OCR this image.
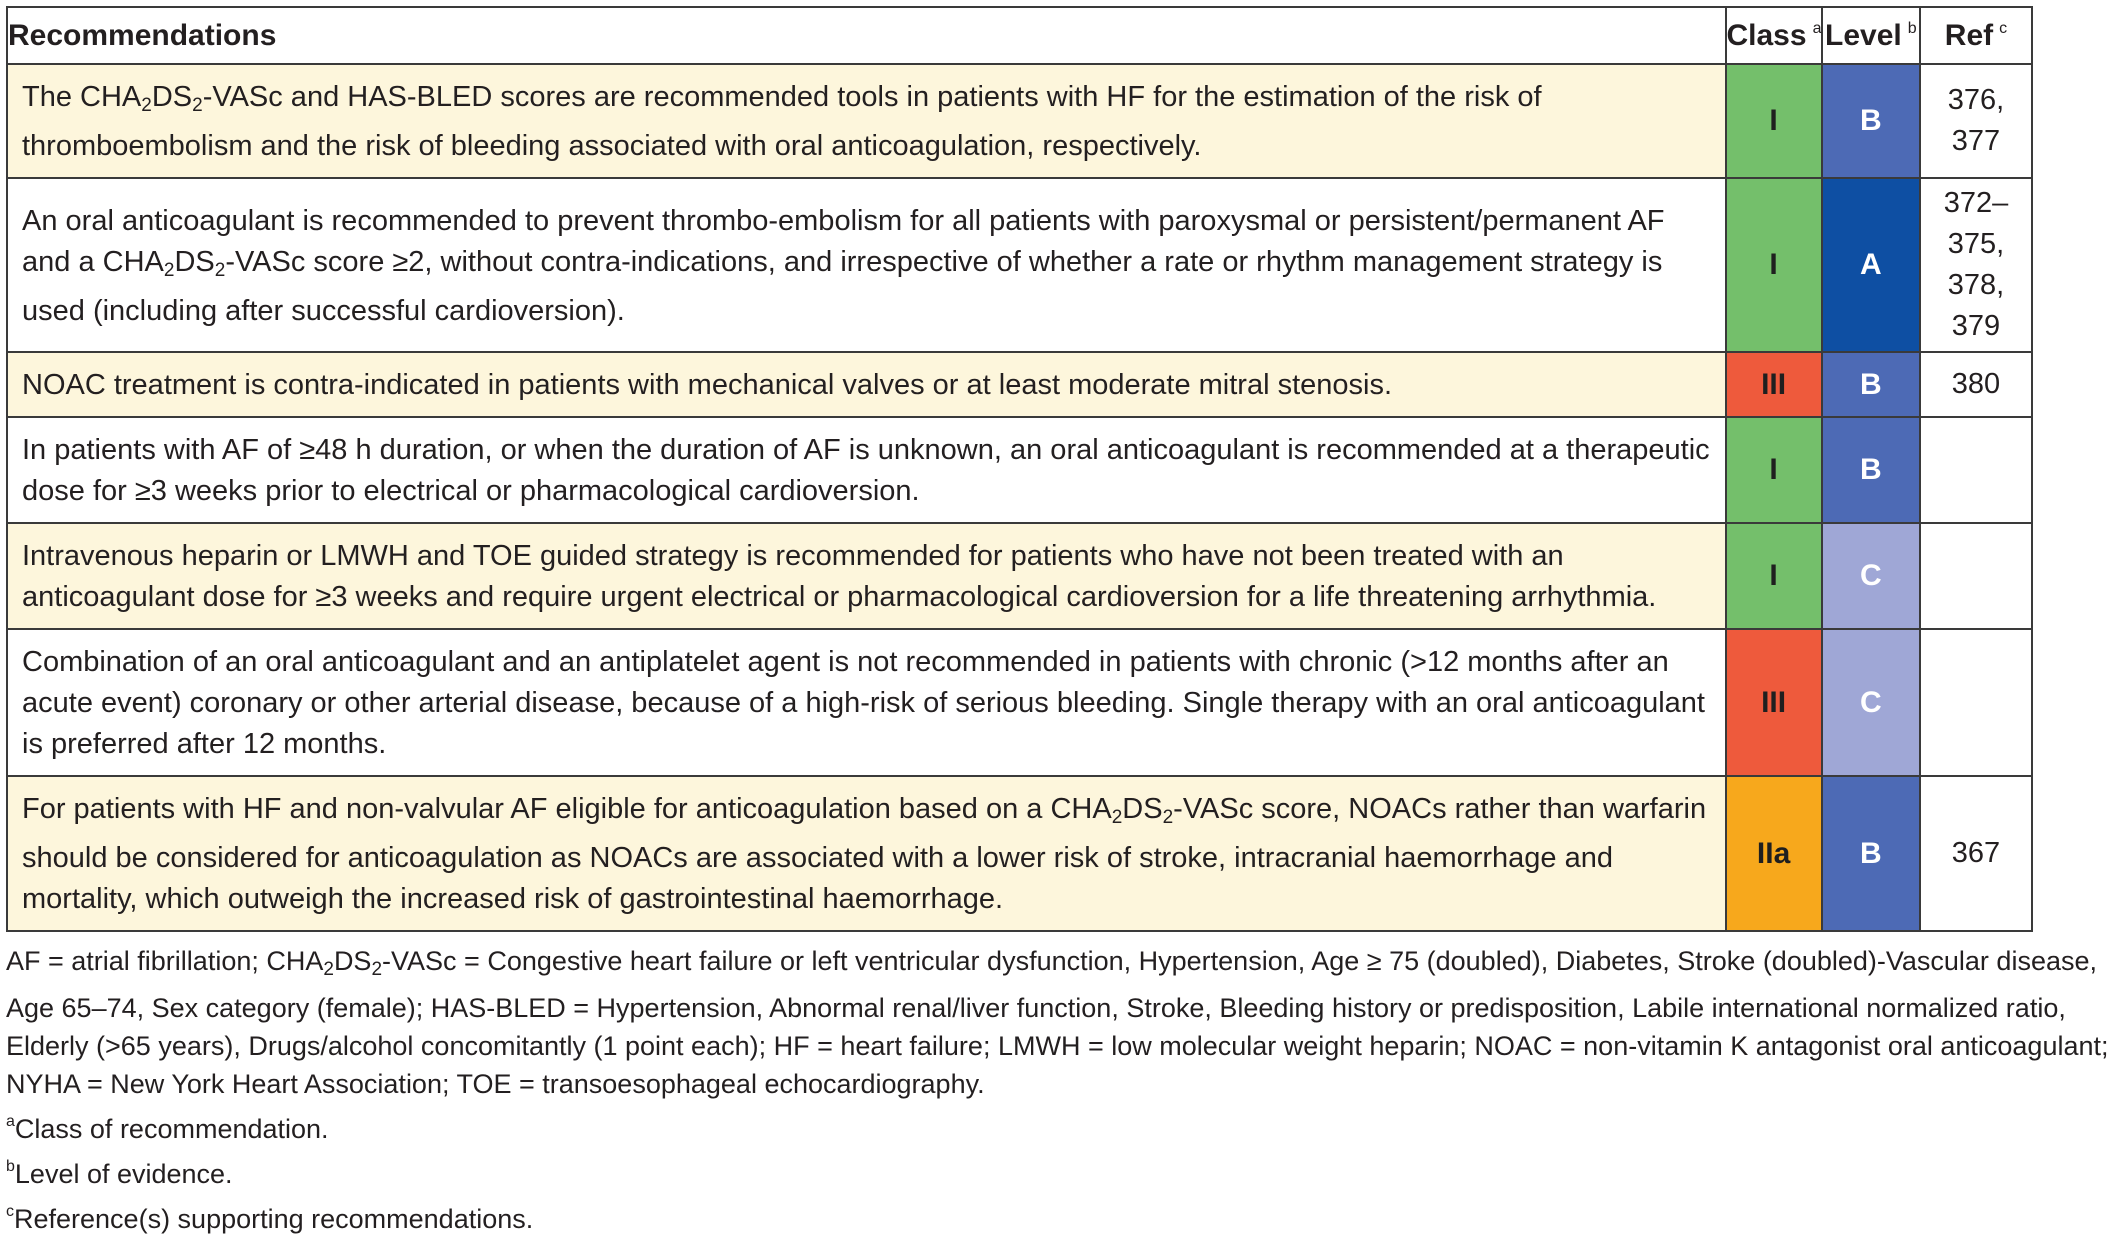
Recommendations	Class $^a$	Level $^b$	Ref $^c$
The $CHA_2DS_2$-VASc and HAS-BLED scores are recommended tools in patients with HF for the estimation of the risk of thromboembolism and the risk of bleeding associated with oral anticoagulation, respectively.	I	B	376, 377
An oral anticoagulant is recommended to prevent thrombo-embolism for all patients with paroxysmal or persistent/permanent AF and a $CHA_2DS_2$-VASc score ≥2, without contra-indications, and irrespective of whether a rate or rhythm management strategy is used (including after successful cardioversion).	I	A	372–375, 378, 379
NOAC treatment is contra-indicated in patients with mechanical valves or at least moderate mitral stenosis.	III	B	380
In patients with AF of ≥48 h duration, or when the duration of AF is unknown, an oral anticoagulant is recommended at a therapeutic dose for ≥3 weeks prior to electrical or pharmacological cardioversion.	I	B	
Intravenous heparin or LMWH and TOE guided strategy is recommended for patients who have not been treated with an anticoagulant dose for ≥3 weeks and require urgent electrical or pharmacological cardioversion for a life threatening arrhythmia.	I	C	
Combination of an oral anticoagulant and an antiplatelet agent is not recommended in patients with chronic (>12 months after an acute event) coronary or other arterial disease, because of a high-risk of serious bleeding. Single therapy with an oral anticoagulant is preferred after 12 months.	III	C	
For patients with HF and non-valvular AF eligible for anticoagulation based on a $CHA_2DS_2$-VASc score, NOACs rather than warfarin should be considered for anticoagulation as NOACs are associated with a lower risk of stroke, intracranial haemorrhage and mortality, which outweigh the increased risk of gastrointestinal haemorrhage.	IIa	B	367

AF = atrial fibrillation; $CHA_2DS_2$-VASc = Congestive heart failure or left ventricular dysfunction, Hypertension, Age ≥ 75 (doubled), Diabetes, Stroke (doubled)-Vascular disease, Age 65–74, Sex category (female); HAS-BLED = Hypertension, Abnormal renal/liver function, Stroke, Bleeding history or predisposition, Labile international normalized ratio, Elderly (>65 years), Drugs/alcohol concomitantly (1 point each); HF = heart failure; LMWH = low molecular weight heparin; NOAC = non-vitamin K antagonist oral anticoagulant; NYHA = New York Heart Association; TOE = transoesophageal echocardiography.

$^a$Class of recommendation.

$^b$Level of evidence.

$^c$Reference(s) supporting recommendations.
